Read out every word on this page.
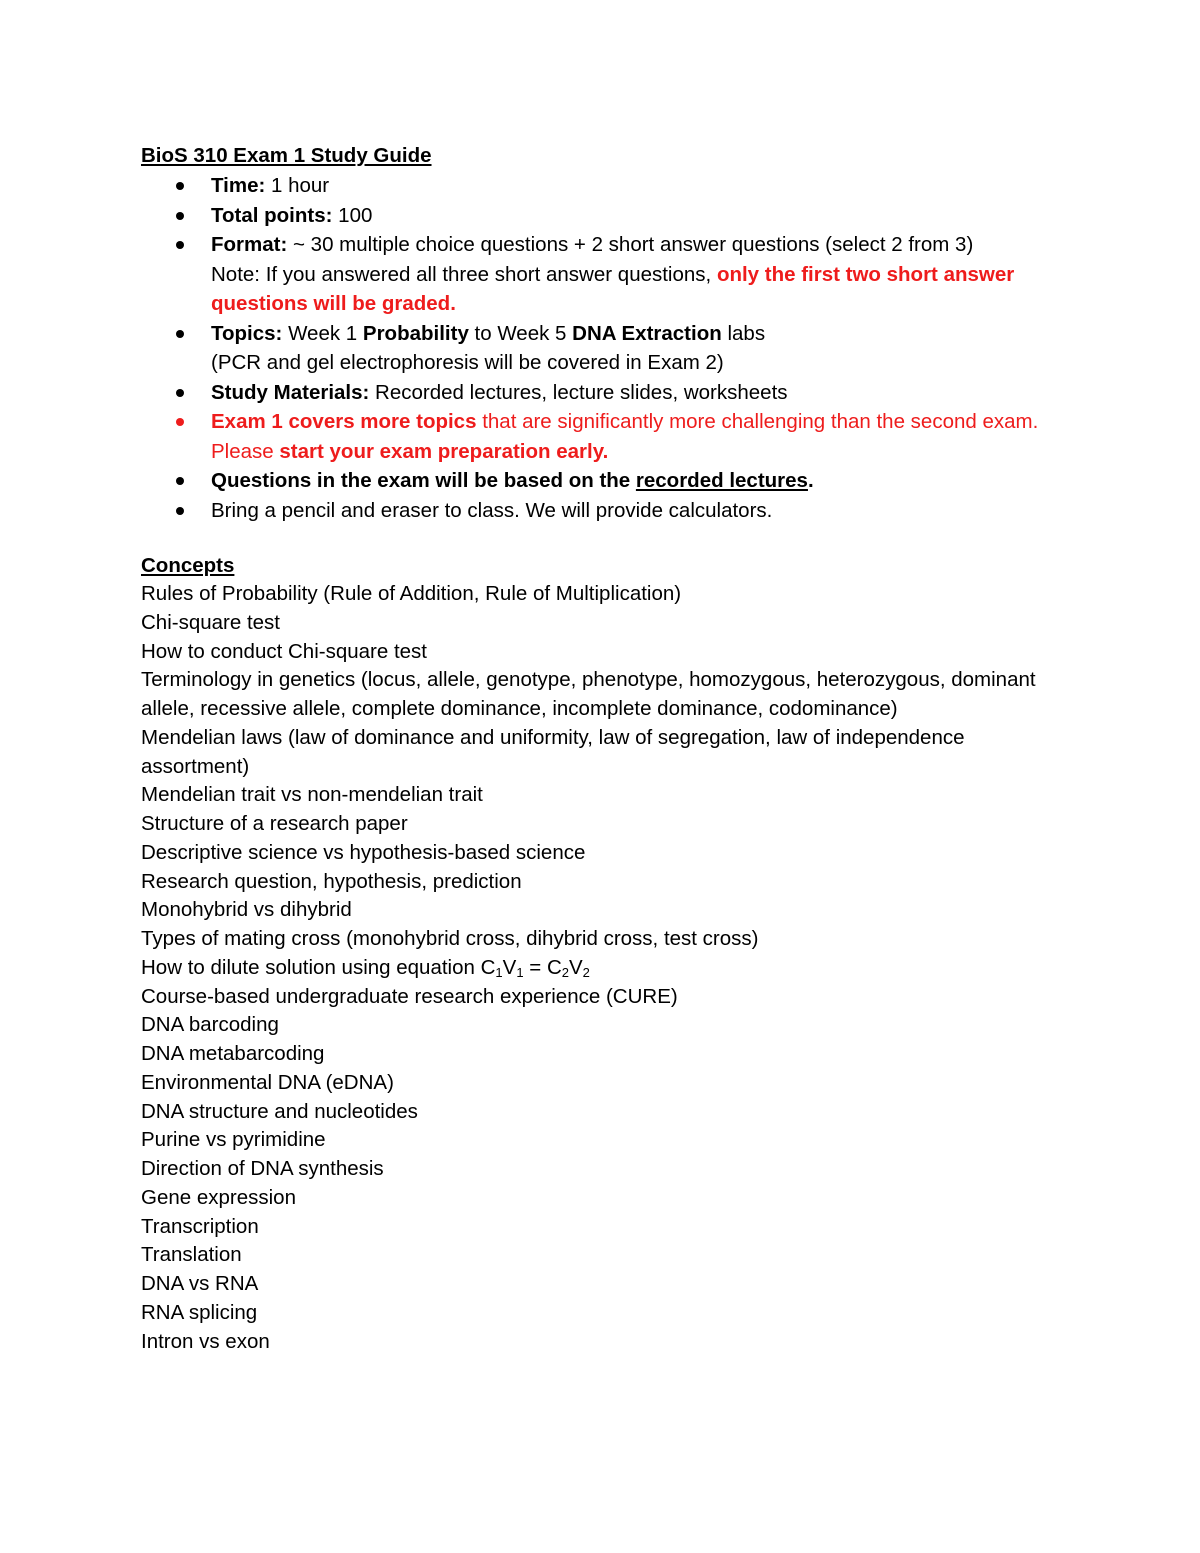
BioS 310 Exam 1 Study Guide
Time: 1 hour
Total points: 100
Format: ~ 30 multiple choice questions + 2 short answer questions (select 2 from 3)
Note: If you answered all three short answer questions, only the first two short answer questions will be graded.
Topics: Week 1 Probability to Week 5 DNA Extraction labs
(PCR and gel electrophoresis will be covered in Exam 2)
Study Materials: Recorded lectures, lecture slides, worksheets
Exam 1 covers more topics that are significantly more challenging than the second exam. Please start your exam preparation early.
Questions in the exam will be based on the recorded lectures.
Bring a pencil and eraser to class. We will provide calculators.
Concepts
Rules of Probability (Rule of Addition, Rule of Multiplication)
Chi-square test
How to conduct Chi-square test
Terminology in genetics (locus, allele, genotype, phenotype, homozygous, heterozygous, dominant allele, recessive allele, complete dominance, incomplete dominance, codominance)
Mendelian laws (law of dominance and uniformity, law of segregation, law of independence assortment)
Mendelian trait vs non-mendelian trait
Structure of a research paper
Descriptive science vs hypothesis-based science
Research question, hypothesis, prediction
Monohybrid vs dihybrid
Types of mating cross (monohybrid cross, dihybrid cross, test cross)
How to dilute solution using equation $C_1V_1 = C_2V_2$
Course-based undergraduate research experience (CURE)
DNA barcoding
DNA metabarcoding
Environmental DNA (eDNA)
DNA structure and nucleotides
Purine vs pyrimidine
Direction of DNA synthesis
Gene expression
Transcription
Translation
DNA vs RNA
RNA splicing
Intron vs exon
